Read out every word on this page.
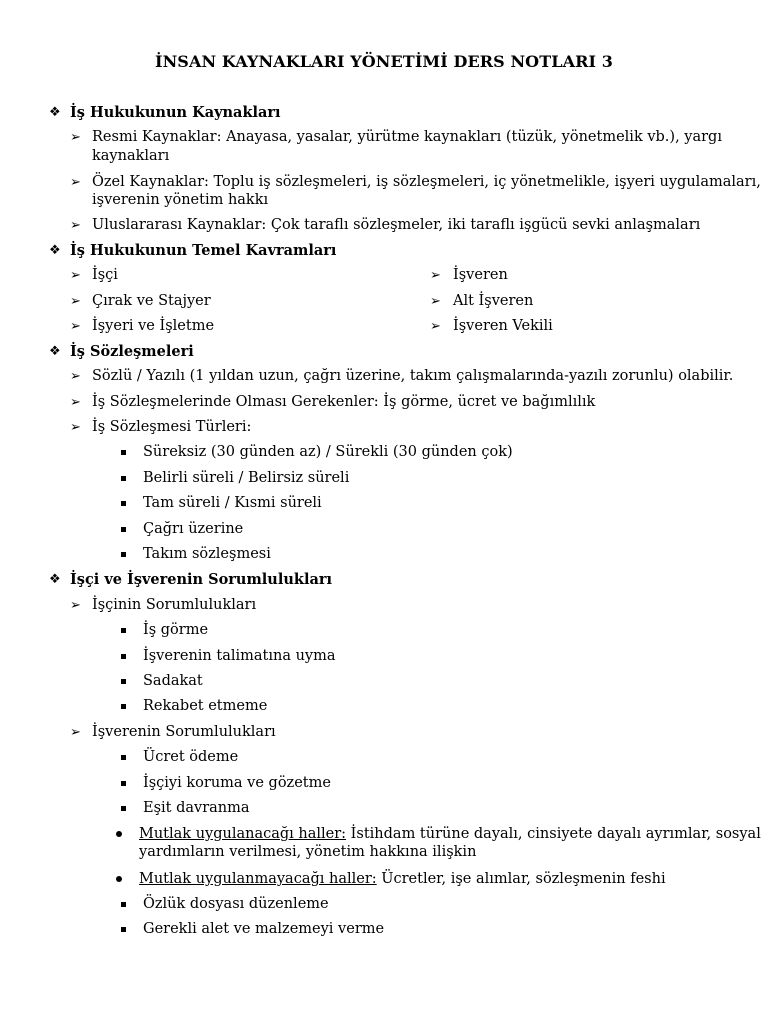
İNSAN KAYNAKLARI YÖNETİMİ DERS NOTLARI 3
❖ İş Hukukunun Kaynakları
➢ Resmi Kaynaklar: Anayasa, yasalar, yürütme kaynakları (tüzük, yönetmelik vb.), yargı
kaynakları
➢ Özel Kaynaklar: Toplu iş sözleşmeleri, iş sözleşmeleri, iç yönetmelikle, işyeri uygulamaları,
işverenin yönetim hakkı
➢ Uluslararası Kaynaklar: Çok taraflı sözleşmeler, iki taraflı işgücü sevki anlaşmaları
❖ İş Hukukunun Temel Kavramları
➢ İşçi	➢ İşveren
➢ Çırak ve Stajyer	➢ Alt İşveren
➢ İşyeri ve İşletme	➢ İşveren Vekili
❖ İş Sözleşmeleri
➢ Sözlü / Yazılı (1 yıldan uzun, çağrı üzerine, takım çalışmalarında-yazılı zorunlu) olabilir.
➢ İş Sözleşmelerinde Olması Gerekenler: İş görme, ücret ve bağımlılık
➢ İş Sözleşmesi Türleri:
Süreksiz (30 günden az) / Sürekli (30 günden çok)
Belirli süreli / Belirsiz süreli
Tam süreli / Kısmi süreli
Çağrı üzerine
Takım sözleşmesi
❖ İşçi ve İşverenin Sorumlulukları
➢ İşçinin Sorumlulukları
İş görme
İşverenin talimatına uyma
Sadakat
Rekabet etmeme
➢ İşverenin Sorumlulukları
Ücret ödeme
İşçiyi koruma ve gözetme
Eşit davranma
Mutlak uygulanacağı haller: İstihdam türüne dayalı, cinsiyete dayalı ayrımlar, sosyal
yardımların verilmesi, yönetim hakkına ilişkin
Mutlak uygulanmayacağı haller: Ücretler, işe alımlar, sözleşmenin feshi
Özlük dosyası düzenleme
Gerekli alet ve malzemeyi verme
